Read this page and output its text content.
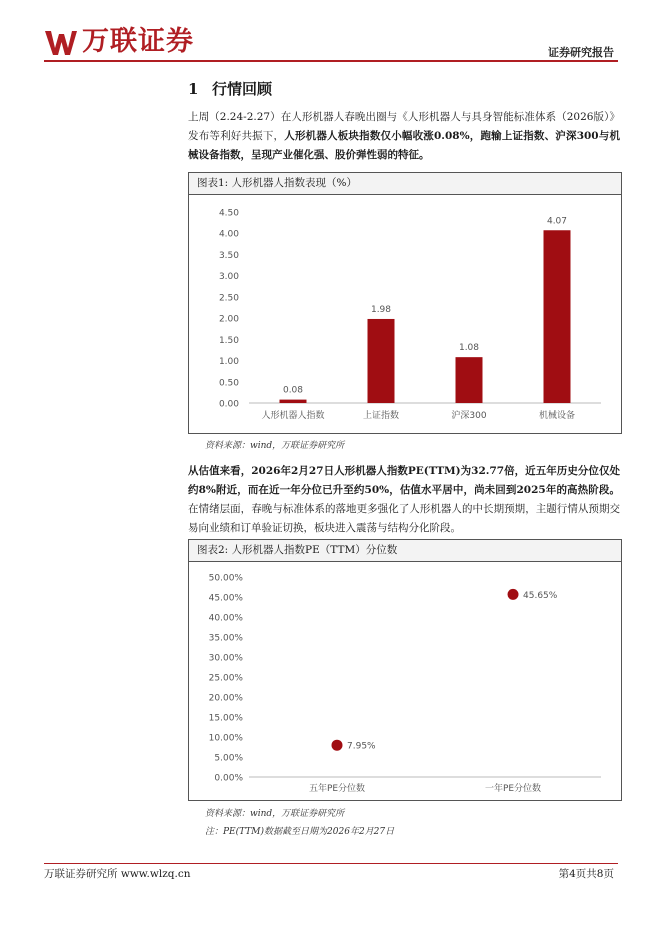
万联证券	证券研究报告
1 行情回顾
上周（2.24-2.27）在人形机器人春晚出圈与《人形机器人与具身智能标准体系（2026版）》发布等利好共振下，人形机器人板块指数仅小幅收涨0.08%，跑输上证指数、沪深300与机械设备指数，呈现产业催化强、股价弹性弱的特征。
图表1: 人形机器人指数表现（%）
0.00
0.50
1.00
1.50
2.00
2.50
3.00
3.50
4.00
4.50
0.08
人形机器人指数
1.98
上证指数
1.08
沪深300
4.07
机械设备
资料来源：wind，万联证券研究所
从估值来看，2026年2月27日人形机器人指数PE(TTM)为32.77倍，近五年历史分位仅处约8%附近，而在近一年分位已升至约50%，估值水平居中，尚未回到2025年的高热阶段。在情绪层面，春晚与标准体系的落地更多强化了人形机器人的中长期预期，主题行情从预期交易向业绩和订单验证切换，板块进入震荡与结构分化阶段。
图表2: 人形机器人指数PE（TTM）分位数
0.00%
5.00%
10.00%
15.00%
20.00%
25.00%
30.00%
35.00%
40.00%
45.00%
50.00%
7.95%
五年PE分位数
45.65%
一年PE分位数
资料来源：wind，万联证券研究所
注：PE(TTM)数据截至日期为2026年2月27日
万联证券研究所 www.wlzq.cn	第4页共8页
